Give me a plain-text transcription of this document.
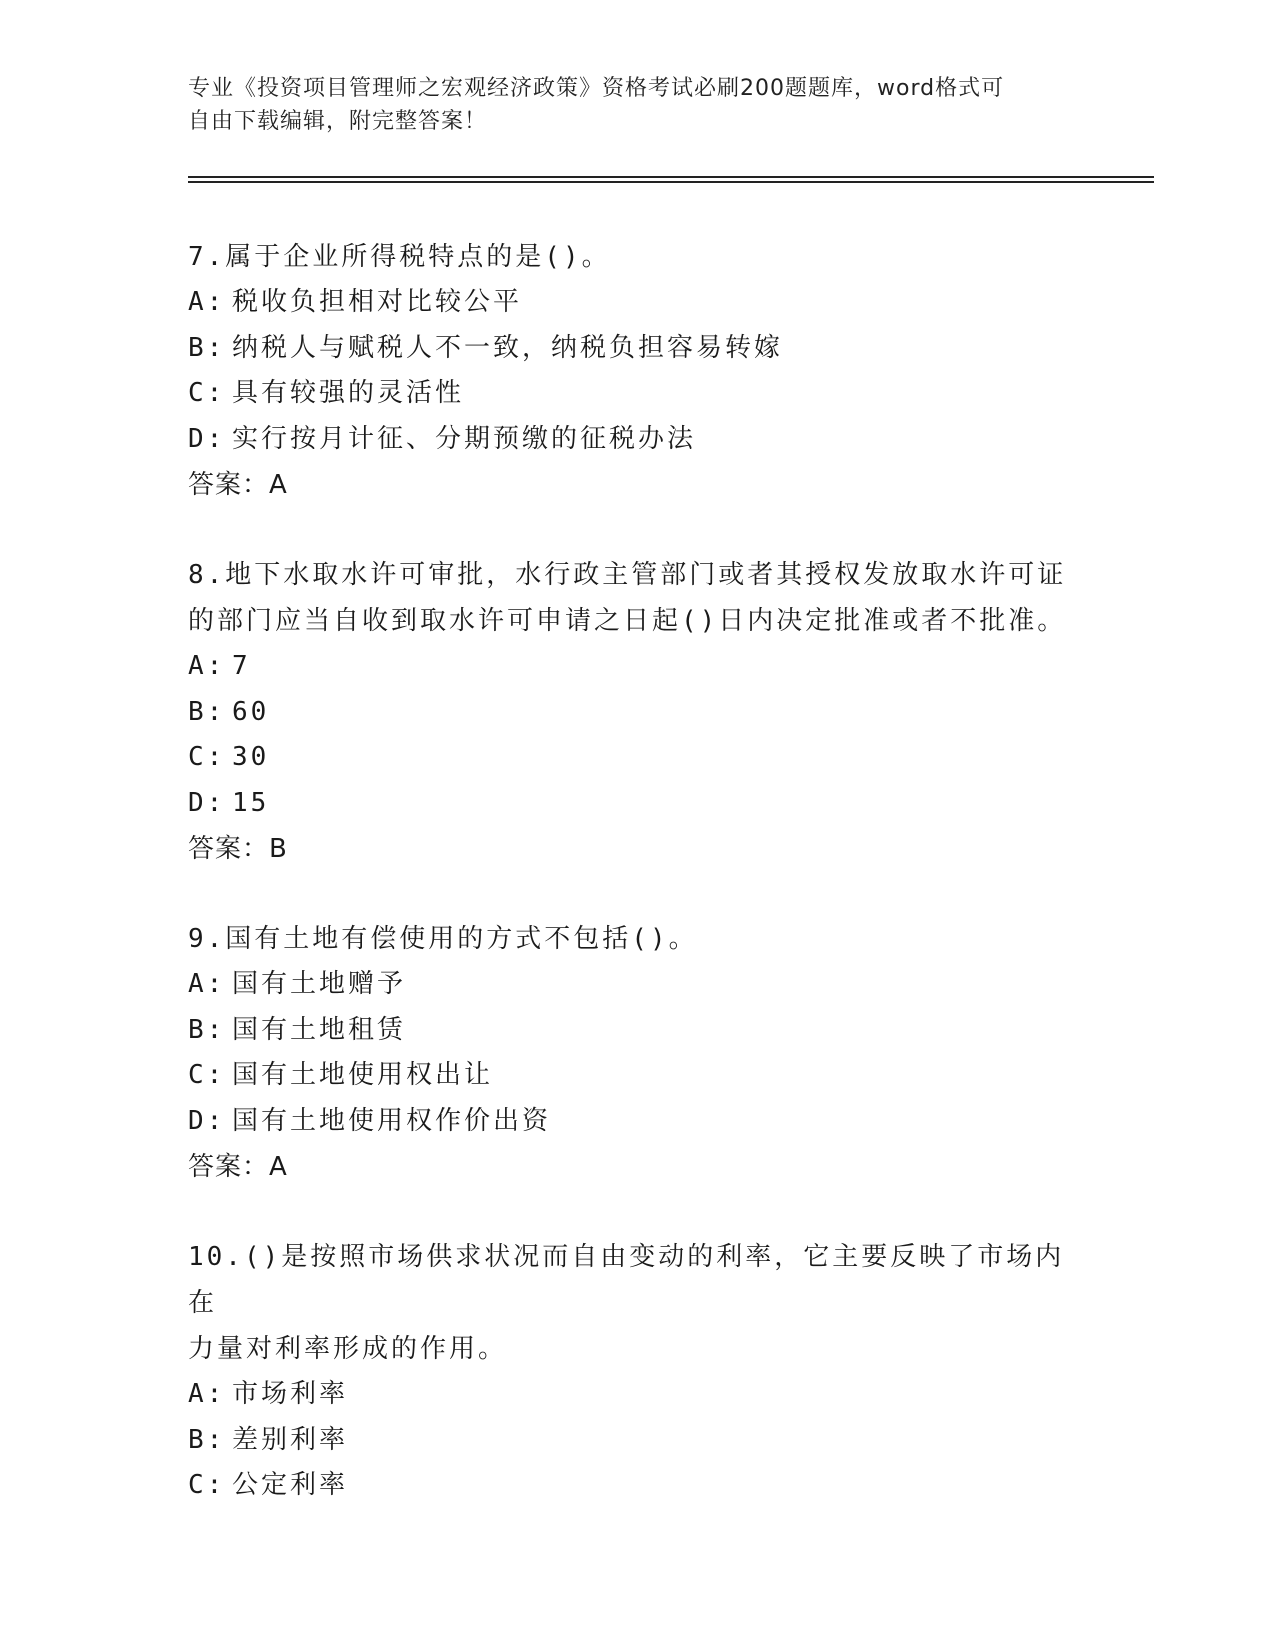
专业《投资项目管理师之宏观经济政策》资格考试必刷200题题库，word格式可
自由下载编辑，附完整答案！
7.属于企业所得税特点的是()。
A: 税收负担相对比较公平
B: 纳税人与赋税人不一致，纳税负担容易转嫁
C: 具有较强的灵活性
D: 实行按月计征、分期预缴的征税办法
答案：A
8.地下水取水许可审批，水行政主管部门或者其授权发放取水许可证
的部门应当自收到取水许可申请之日起()日内决定批准或者不批准。
A: 7
B: 60
C: 30
D: 15
答案：B
9.国有土地有偿使用的方式不包括()。
A: 国有土地赠予
B: 国有土地租赁
C: 国有土地使用权出让
D: 国有土地使用权作价出资
答案：A
10.()是按照市场供求状况而自由变动的利率，它主要反映了市场内在
力量对利率形成的作用。
A: 市场利率
B: 差别利率
C: 公定利率
